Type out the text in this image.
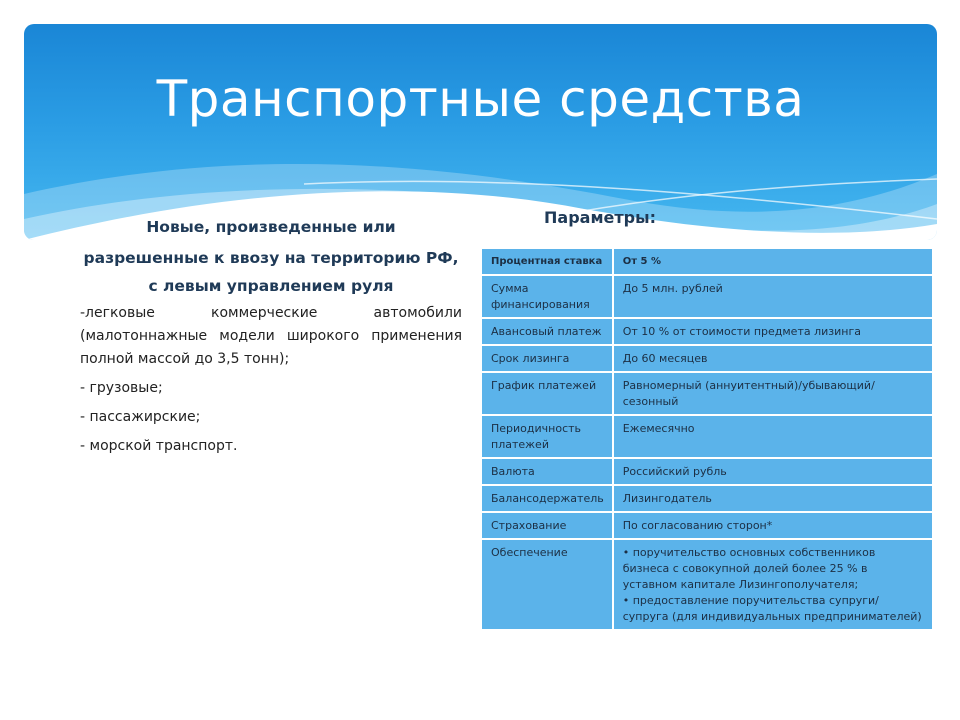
Транспортные средства
Новые, произведенные или
разрешенные к ввозу на территорию РФ, с левым управлением руля

-легковые коммерческие автомобили (малотоннажные модели широкого применения полной массой до 3,5 тонн);

- грузовые;

- пассажирские;

- морской транспорт.

Параметры:
Процентная ставка	От 5 %
Сумма финансирования	До 5 млн. рублей
Авансовый платеж	От 10 % от стоимости предмета лизинга
Срок лизинга	До 60 месяцев
График платежей	Равномерный (аннуитентный)/убывающий/сезонный
Периодичность платежей	Ежемесячно
Валюта	Российский рубль
Балансодержатель	Лизингодатель
Страхование	По согласованию сторон*
Обеспечение	• поручительство основных собственников бизнеса с совокупной долей более 25 % в уставном капитале Лизингополучателя;
• предоставление поручительства супруги/супруга (для индивидуальных предпринимателей)
